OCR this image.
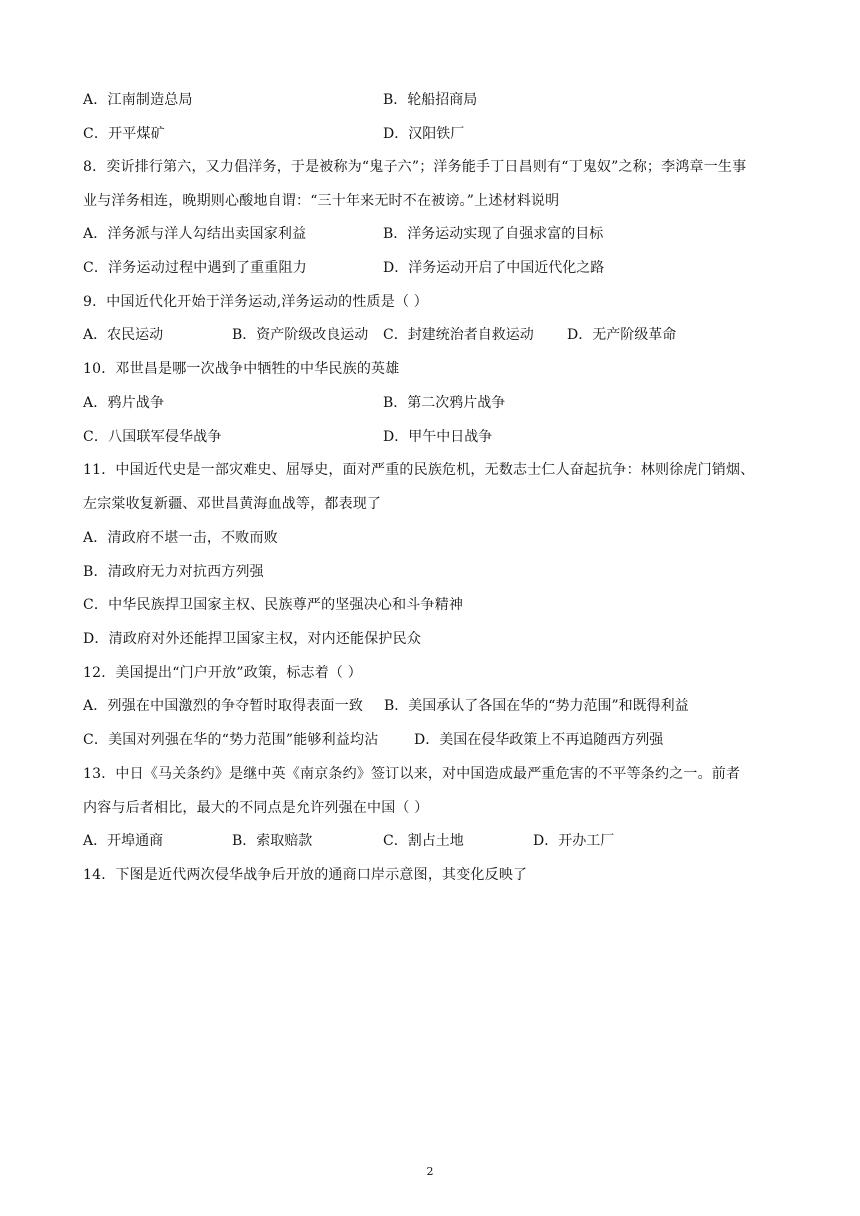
A．江南制造总局	B．轮船招商局
C．开平煤矿	D．汉阳铁厂
8．奕䜣排行第六，又力倡洋务，于是被称为“鬼子六”；洋务能手丁日昌则有“丁鬼奴”之称；李鸿章一生事
业与洋务相连，晚期则心酸地自谓：“三十年来无时不在被谤。”上述材料说明
A．洋务派与洋人勾结出卖国家利益	B．洋务运动实现了自强求富的目标
C．洋务运动过程中遇到了重重阻力	D．洋务运动开启了中国近代化之路
9．中国近代化开始于洋务运动,洋务运动的性质是（ ）
A．农民运动	B．资产阶级改良运动 C．封建统治者自救运动 D．无产阶级革命
10．邓世昌是哪一次战争中牺牲的中华民族的英雄
A．鸦片战争	B．第二次鸦片战争
C．八国联军侵华战争	D．甲午中日战争
11．中国近代史是一部灾难史、屈辱史，面对严重的民族危机，无数志士仁人奋起抗争：林则徐虎门销烟、
左宗棠收复新疆、邓世昌黄海血战等，都表现了
A．清政府不堪一击，不败而败
B．清政府无力对抗西方列强
C．中华民族捍卫国家主权、民族尊严的坚强决心和斗争精神
D．清政府对外还能捍卫国家主权，对内还能保护民众
12．美国提出“门户开放”政策，标志着（ ）
A．列强在中国激烈的争夺暂时取得表面一致 B．美国承认了各国在华的“势力范围”和既得利益
C．美国对列强在华的“势力范围”能够利益均沾	D．美国在侵华政策上不再追随西方列强
13．中日《马关条约》是继中英《南京条约》签订以来，对中国造成最严重危害的不平等条约之一。前者
内容与后者相比，最大的不同点是允许列强在中国（ ）
A．开埠通商	B．索取赔款	C．割占土地	D．开办工厂
14．下图是近代两次侵华战争后开放的通商口岸示意图，其变化反映了
2
